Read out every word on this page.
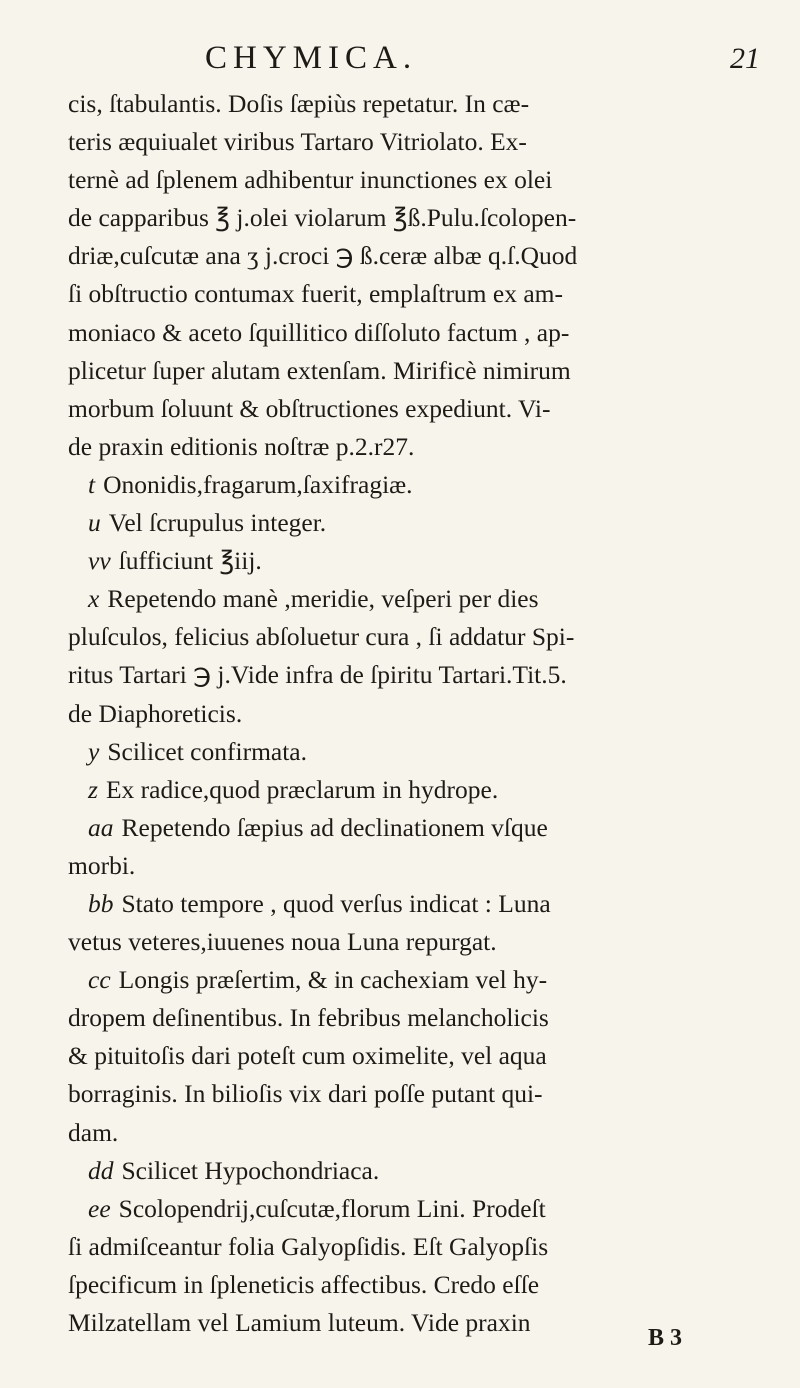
CHYMICA.	21
cis, ſtabulantis. Doſis ſæpiùs repetatur. In cæ-
teris æquiualet viribus Tartaro Vitriolato. Ex-
ternè ad ſplenem adhibentur inunctiones ex olei
de capparibus ℥ j.olei violarum ℥ß.Pulu.ſcolopen-
driæ,cuſcutæ ana ʒ j.croci ℈ ß.ceræ albæ q.ſ.Quod
ſi obſtructio contumax fuerit, emplaſtrum ex am-
moniaco & aceto ſquillitico diſſoluto factum , ap-
plicetur ſuper alutam extenſam. Mirificè nimirum
morbum ſoluunt & obſtructiones expediunt. Vi-
de praxin editionis noſtræ p.2.r27.
t Ononidis,fragarum,ſaxifragiæ.
u Vel ſcrupulus integer.
vv ſufficiunt ℥iij.
x Repetendo manè ,meridie, veſperi per dies
pluſculos, felicius abſoluetur cura , ſi addatur Spi-
ritus Tartari ℈ j.Vide infra de ſpiritu Tartari.Tit.5.
de Diaphoreticis.
y Scilicet confirmata.
z Ex radice,quod præclarum in hydrope.
aa Repetendo ſæpius ad declinationem vſque
morbi.
bb Stato tempore , quod verſus indicat : Luna
vetus veteres,iuuenes noua Luna repurgat.
cc Longis præſertim, & in cachexiam vel hy-
dropem deſinentibus. In febribus melancholicis
& pituitoſis dari poteſt cum oximelite, vel aqua
borraginis. In bilioſis vix dari poſſe putant qui-
dam.
dd Scilicet Hypochondriaca.
ee Scolopendrij,cuſcutæ,florum Lini. Prodeſt
ſi admiſceantur folia Galyopſidis. Eſt Galyopſis
ſpecificum in ſpleneticis affectibus. Credo eſſe
Milzatellam vel Lamium luteum. Vide praxin
B 3
